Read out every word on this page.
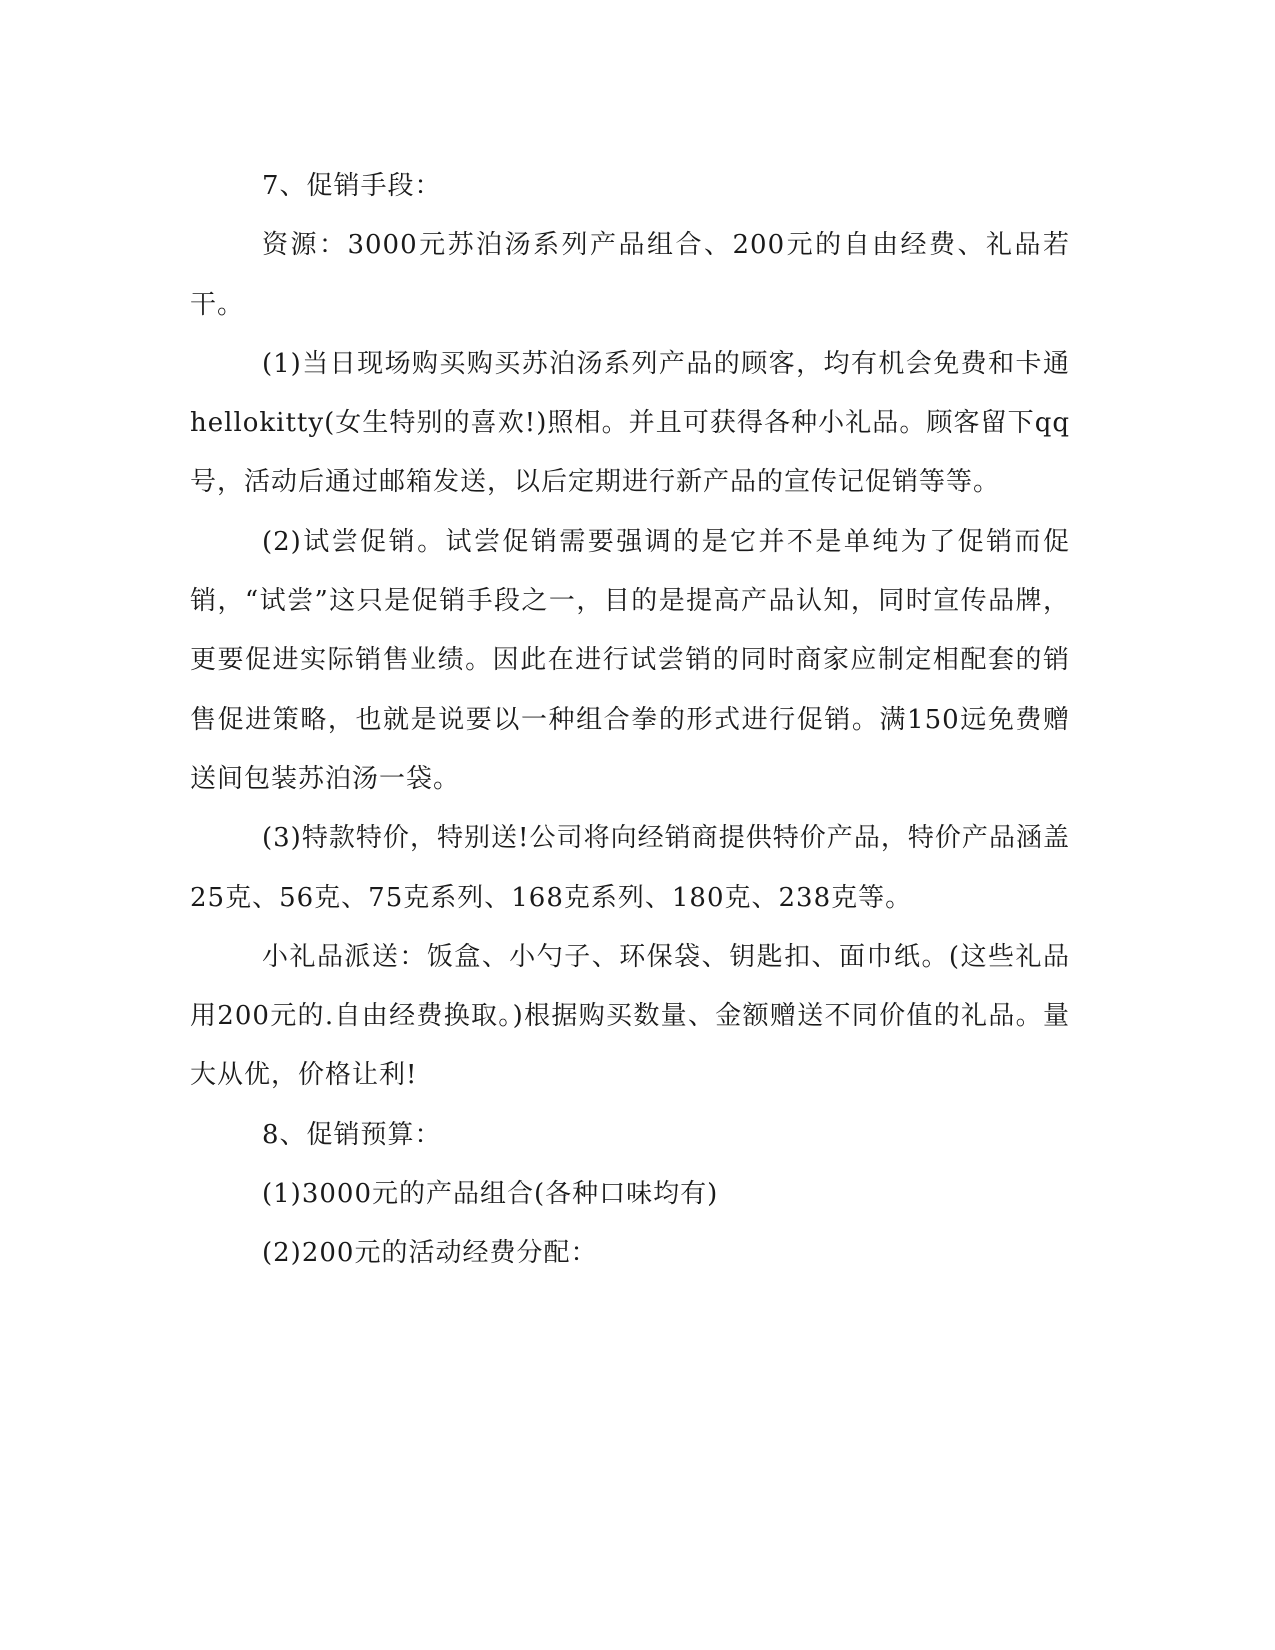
7、促销手段：

资源：3000元苏泊汤系列产品组合、200元的自由经费、礼品若干。

(1)当日现场购买购买苏泊汤系列产品的顾客，均有机会免费和卡通hellokitty(女生特别的喜欢!)照相。并且可获得各种小礼品。顾客留下qq号，活动后通过邮箱发送，以后定期进行新产品的宣传记促销等等。

(2)试尝促销。试尝促销需要强调的是它并不是单纯为了促销而促销，“试尝”这只是促销手段之一，目的是提高产品认知，同时宣传品牌，更要促进实际销售业绩。因此在进行试尝销的同时商家应制定相配套的销售促进策略，也就是说要以一种组合拳的形式进行促销。满150远免费赠送间包装苏泊汤一袋。

(3)特款特价，特别送!公司将向经销商提供特价产品，特价产品涵盖25克、56克、75克系列、168克系列、180克、238克等。

小礼品派送：饭盒、小勺子、环保袋、钥匙扣、面巾纸。(这些礼品用200元的.自由经费换取。)根据购买数量、金额赠送不同价值的礼品。量大从优，价格让利!

8、促销预算：

(1)3000元的产品组合(各种口味均有)

(2)200元的活动经费分配：
